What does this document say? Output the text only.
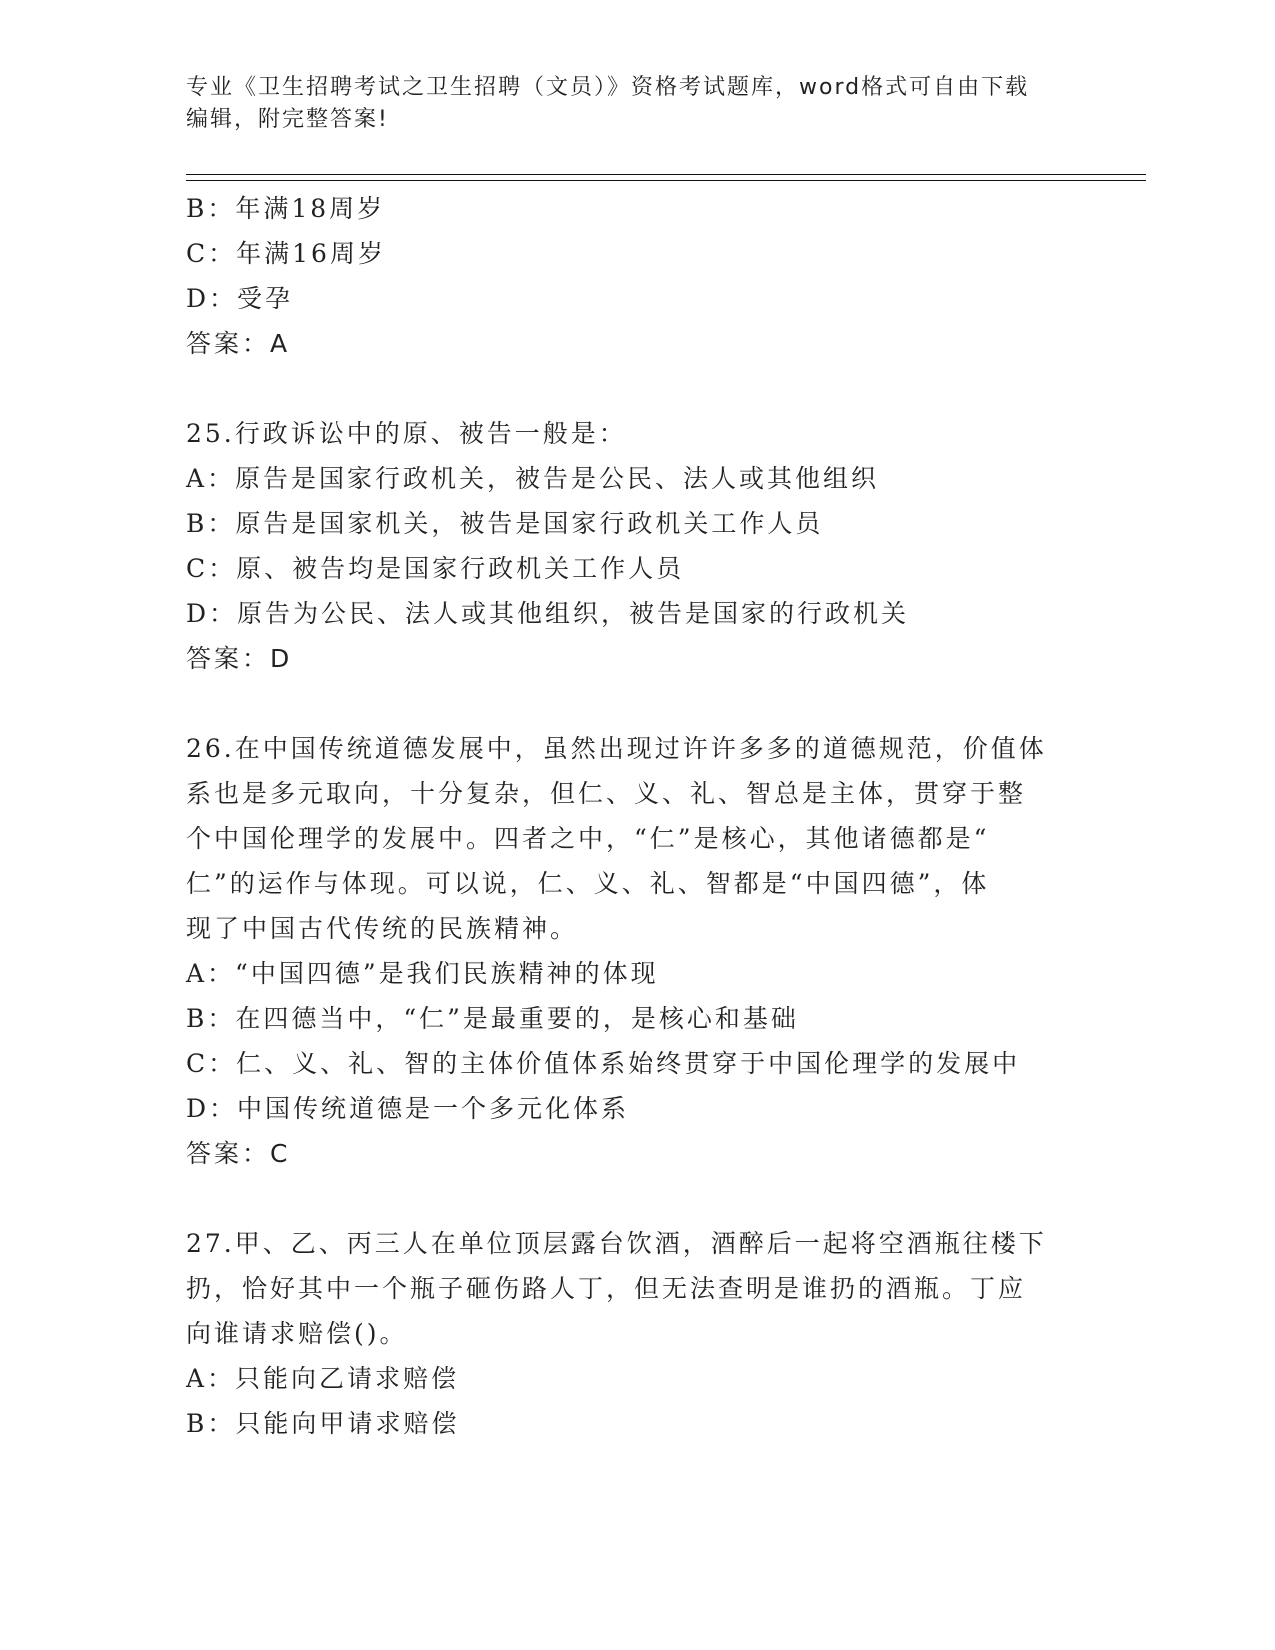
专业《卫生招聘考试之卫生招聘（文员）》资格考试题库，word格式可自由下载
编辑，附完整答案!
B：年满18周岁
C：年满16周岁
D：受孕
答案：A
25.行政诉讼中的原、被告一般是：
A：原告是国家行政机关，被告是公民、法人或其他组织
B：原告是国家机关，被告是国家行政机关工作人员
C：原、被告均是国家行政机关工作人员
D：原告为公民、法人或其他组织，被告是国家的行政机关
答案：D
26.在中国传统道德发展中，虽然出现过许许多多的道德规范，价值体
系也是多元取向，十分复杂，但仁、义、礼、智总是主体，贯穿于整
个中国伦理学的发展中。四者之中，“仁”是核心，其他诸德都是“
仁”的运作与体现。可以说，仁、义、礼、智都是“中国四德”，体
现了中国古代传统的民族精神。
A：“中国四德”是我们民族精神的体现
B：在四德当中，“仁”是最重要的，是核心和基础
C：仁、义、礼、智的主体价值体系始终贯穿于中国伦理学的发展中
D：中国传统道德是一个多元化体系
答案：C
27.甲、乙、丙三人在单位顶层露台饮酒，酒醉后一起将空酒瓶往楼下
扔，恰好其中一个瓶子砸伤路人丁，但无法查明是谁扔的酒瓶。丁应
向谁请求赔偿()。
A：只能向乙请求赔偿
B：只能向甲请求赔偿
